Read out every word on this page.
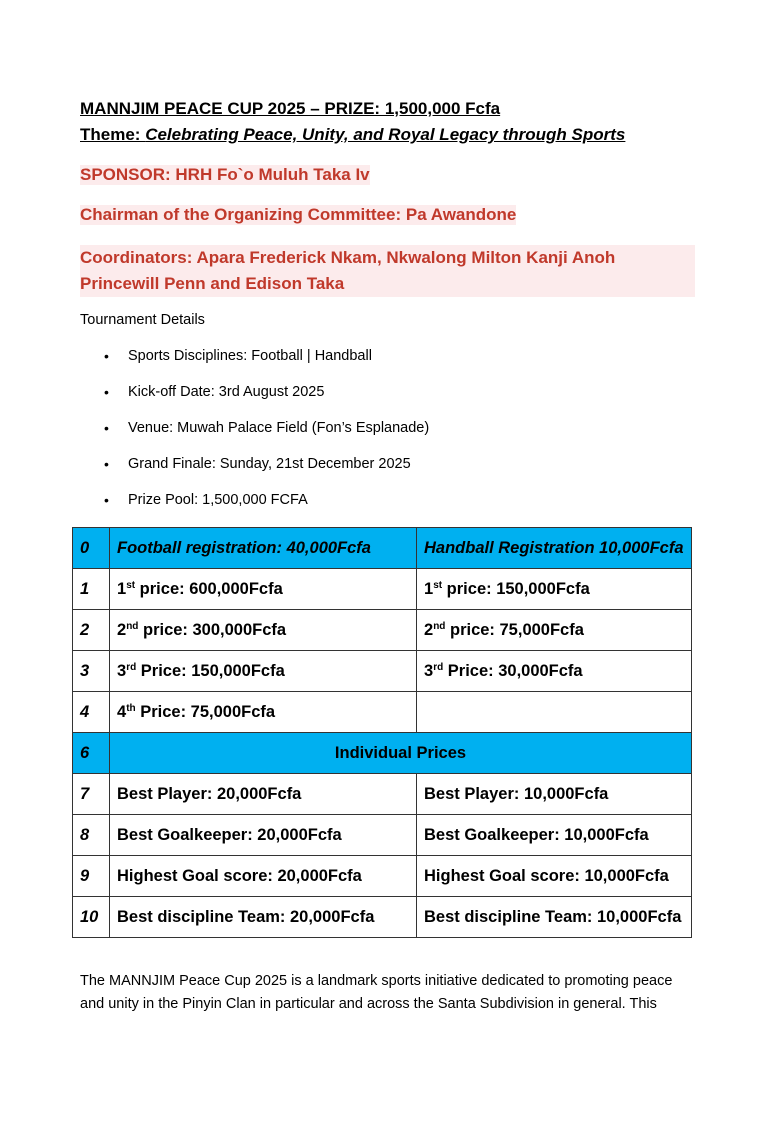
MANNJIM PEACE CUP 2025 – PRIZE: 1,500,000 Fcfa
Theme: Celebrating Peace, Unity, and Royal Legacy through Sports
SPONSOR: HRH Fo`o Muluh Taka Iv
Chairman of the Organizing Committee: Pa Awandone
Coordinators: Apara Frederick Nkam, Nkwalong Milton Kanji Anoh Princewill Penn and Edison Taka
Tournament Details
• Sports Disciplines: Football | Handball
• Kick-off Date: 3rd August 2025
• Venue: Muwah Palace Field (Fon’s Esplanade)
• Grand Finale: Sunday, 21st December 2025
• Prize Pool: 1,500,000 FCFA
0	Football registration: 40,000Fcfa	Handball Registration 10,000Fcfa
1	1st price: 600,000Fcfa	1st price: 150,000Fcfa
2	2nd price: 300,000Fcfa	2nd price: 75,000Fcfa
3	3rd Price: 150,000Fcfa	3rd Price: 30,000Fcfa
4	4th Price: 75,000Fcfa	
6	Individual Prices	
7	Best Player: 20,000Fcfa	Best Player: 10,000Fcfa
8	Best Goalkeeper: 20,000Fcfa	Best Goalkeeper: 10,000Fcfa
9	Highest Goal score: 20,000Fcfa	Highest Goal score: 10,000Fcfa
10	Best discipline Team: 20,000Fcfa	Best discipline Team: 10,000Fcfa
The MANNJIM Peace Cup 2025 is a landmark sports initiative dedicated to promoting peace and unity in the Pinyin Clan in particular and across the Santa Subdivision in general. This
